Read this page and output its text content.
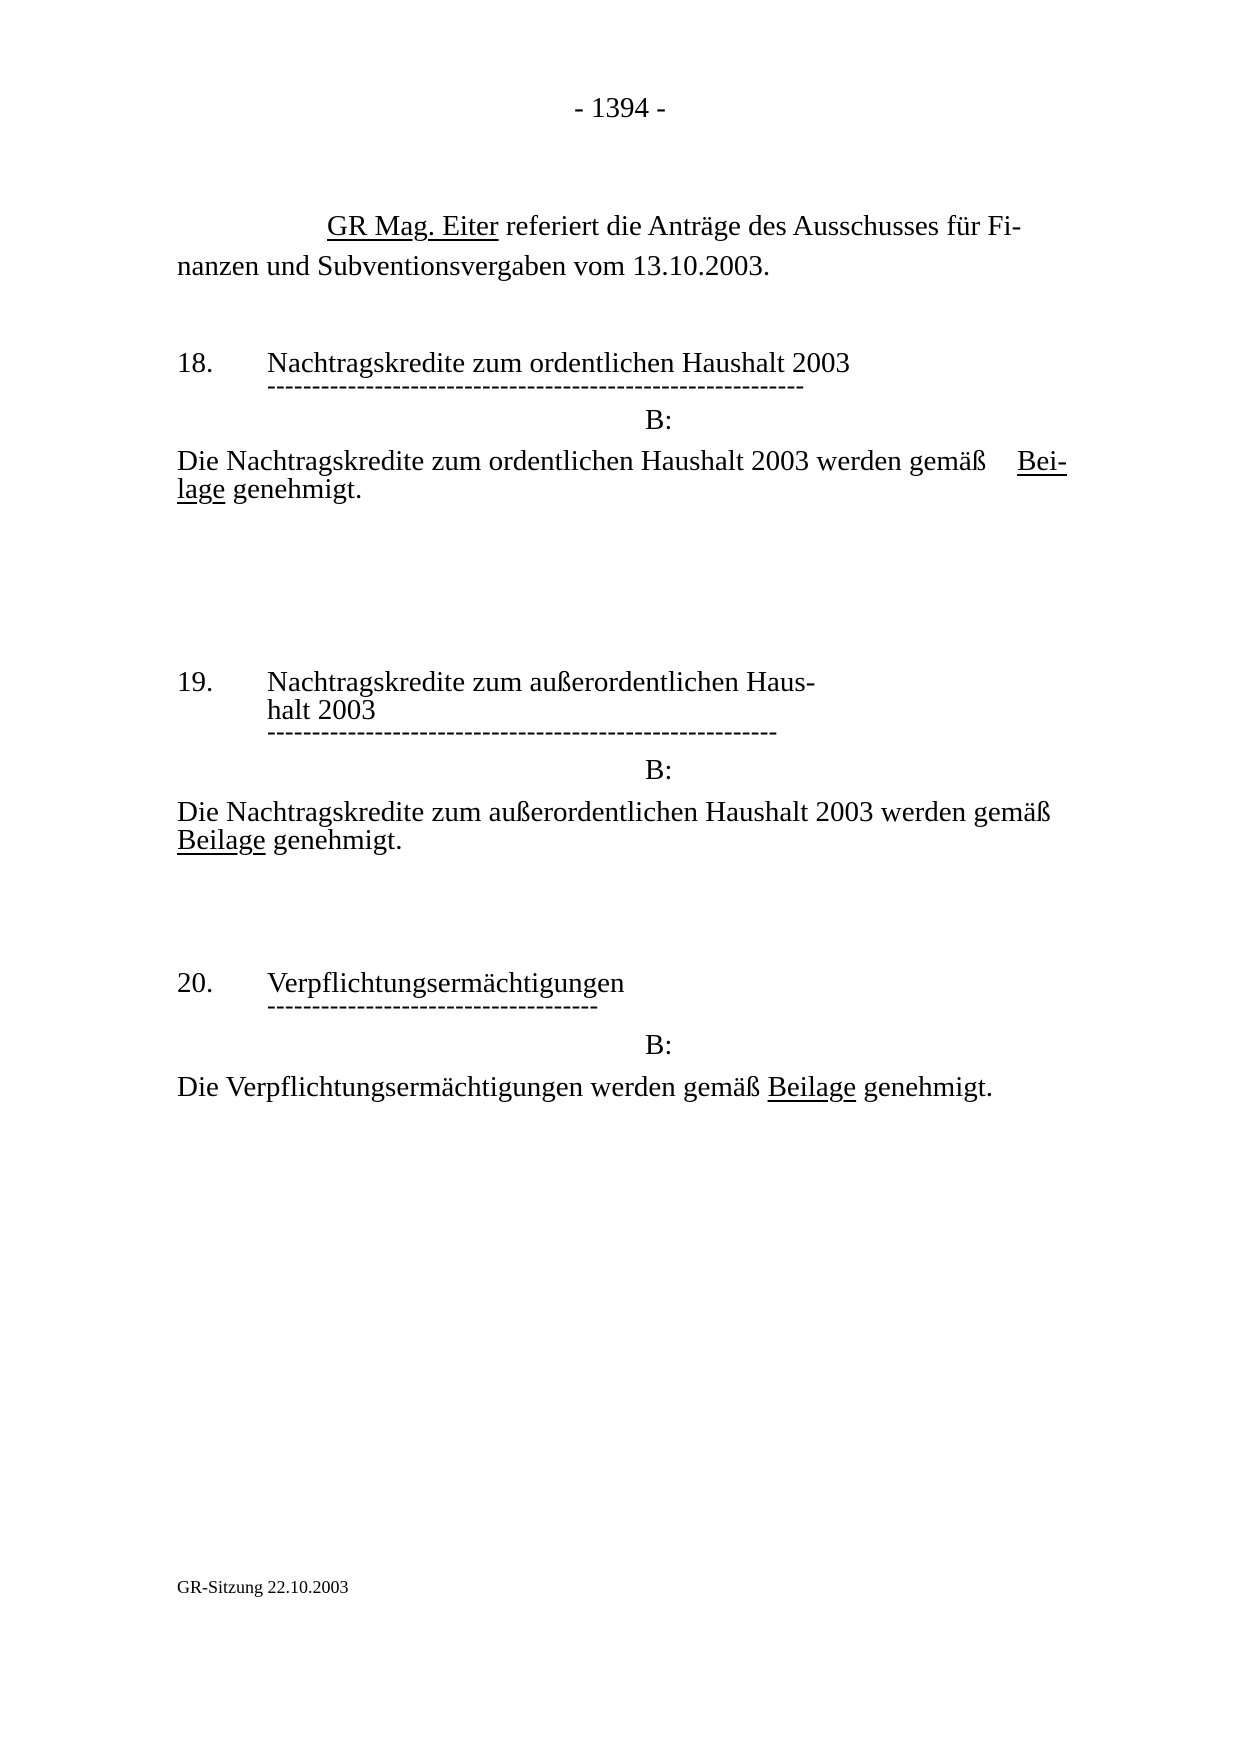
- 1394 -
GR Mag. Eiter referiert die Anträge des Ausschusses für Fi-
nanzen und Subventionsvergaben vom 13.10.2003.
18. Nachtragskredite zum ordentlichen Haushalt 2003
------------------------------------------------------------
B:
Die Nachtragskredite zum ordentlichen Haushalt 2003 werden gemäß Bei-
lage genehmigt.
19. Nachtragskredite zum außerordentlichen Haus-
halt 2003
---------------------------------------------------------
B:
Die Nachtragskredite zum außerordentlichen Haushalt 2003 werden gemäß
Beilage genehmigt.
20. Verpflichtungsermächtigungen
-------------------------------------
B:
Die Verpflichtungsermächtigungen werden gemäß Beilage genehmigt.
GR-Sitzung 22.10.2003
